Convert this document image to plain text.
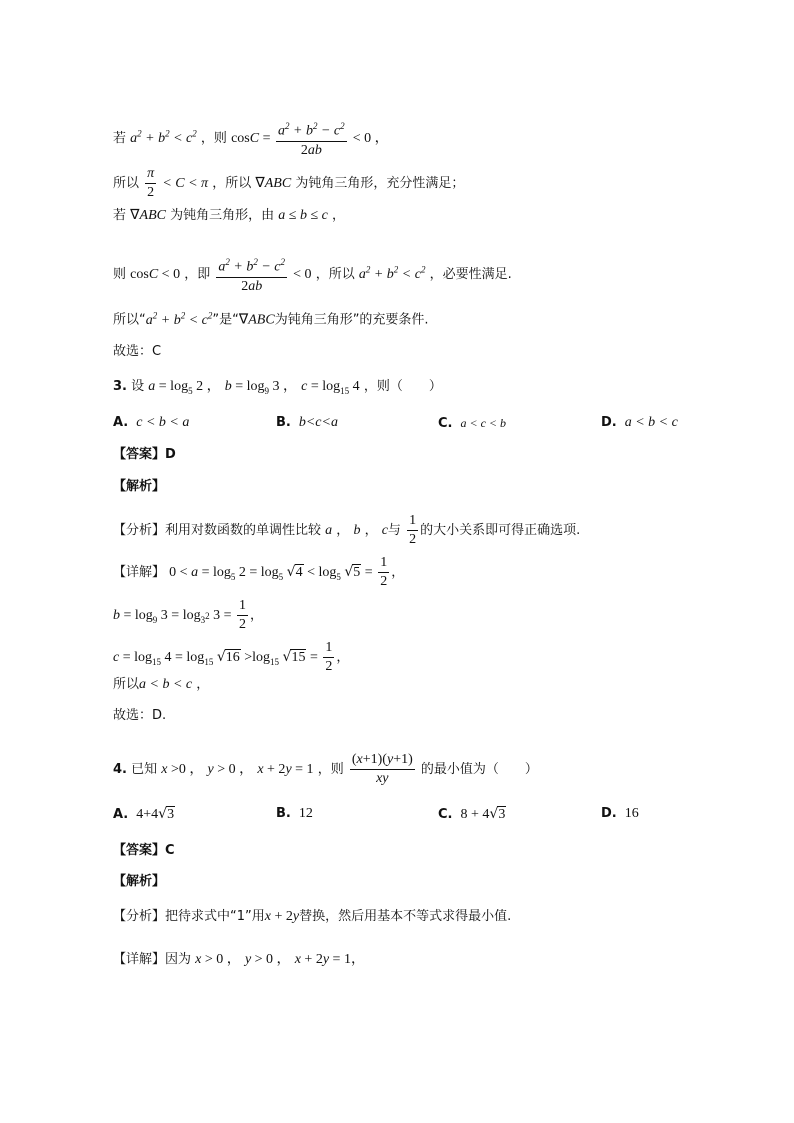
若 $a^2 + b^2 < c^2$ ，则 $\cos C = \frac{a^2 + b^2 - c^2}{2ab} < 0$ ，
所以 $\frac{\pi}{2} < C < \pi$ ，所以 ∇ABC 为钝角三角形，充分性满足；
若 ∇ABC 为钝角三角形，由 a ≤ b ≤ c ，
则 cosC < 0 ，即 $\frac{a^2 + b^2 - c^2}{2ab} < 0$ ，所以 $a^2 + b^2 < c^2$ ，必要性满足.
所以“$a^2 + b^2 < c^2$”是“∇ABC为钝角三角形”的充要条件.
故选：C
3. 设 $a = \log_5 2$ ， $b = \log_9 3$ ， $c = \log_{15} 4$ ，则（　　）
A. c < b < a	B. b<c<a	C. a < c < b	D. a < b < c
【答案】D
【解析】
【分析】利用对数函数的单调性比较 a ， b ， c与 $\frac{1}{2}$ 的大小关系即可得正确选项.
【详解】 $0 < a = \log_5 2 = \log_5 √4 < \log_5 √5 = \frac{1}{2}$ ，
$b = \log_9 3 = \log_{3^2} 3 = \frac{1}{2}$ ，
$c = \log_{15} 4 = \log_{15} √16 >\log_{15}$ $√15 = \frac{1}{2}$ ，
所以a < b < c ，
故选：D.
4. 已知 x >0 ， y > 0 ， x + 2y = 1 ，则 $\frac{(x+1)(y+1)}{xy}$ 的最小值为（　　）
A. 4+4√3	B. 12	C. 8 + 4√3	D. 16
【答案】C
【解析】
【分析】把待求式中“1”用x + 2y替换，然后用基本不等式求得最小值.
【详解】因为 x > 0 ， y > 0 ， x + 2y = 1，
